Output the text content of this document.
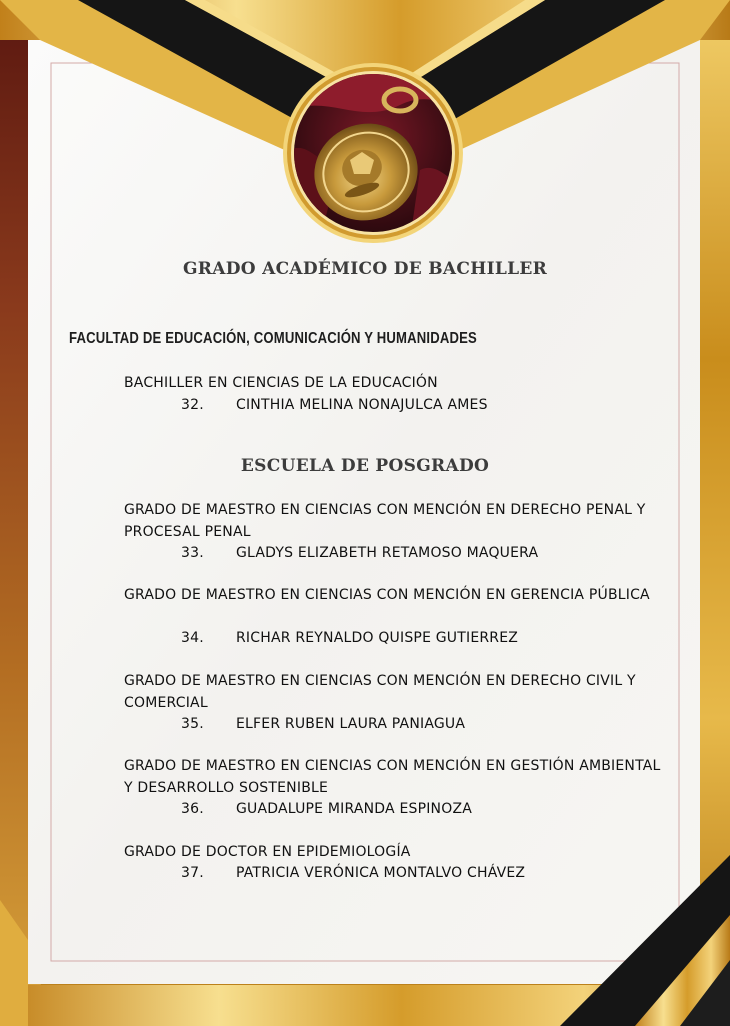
GRADO ACADÉMICO DE BACHILLER
FACULTAD DE EDUCACIÓN, COMUNICACIÓN Y HUMANIDADES
BACHILLER EN CIENCIAS DE LA EDUCACIÓN
32. CINTHIA MELINA NONAJULCA AMES
ESCUELA DE POSGRADO
GRADO DE MAESTRO EN CIENCIAS CON MENCIÓN EN DERECHO PENAL Y PROCESAL PENAL
33. GLADYS ELIZABETH RETAMOSO MAQUERA
GRADO DE MAESTRO EN CIENCIAS CON MENCIÓN EN GERENCIA PÚBLICA
34. RICHAR REYNALDO QUISPE GUTIERREZ
GRADO DE MAESTRO EN CIENCIAS CON MENCIÓN EN DERECHO CIVIL Y COMERCIAL
35. ELFER RUBEN LAURA PANIAGUA
GRADO DE MAESTRO EN CIENCIAS CON MENCIÓN EN GESTIÓN AMBIENTAL Y DESARROLLO SOSTENIBLE
36. GUADALUPE MIRANDA ESPINOZA
GRADO DE DOCTOR EN EPIDEMIOLOGÍA
37. PATRICIA VERÓNICA MONTALVO CHÁVEZ
